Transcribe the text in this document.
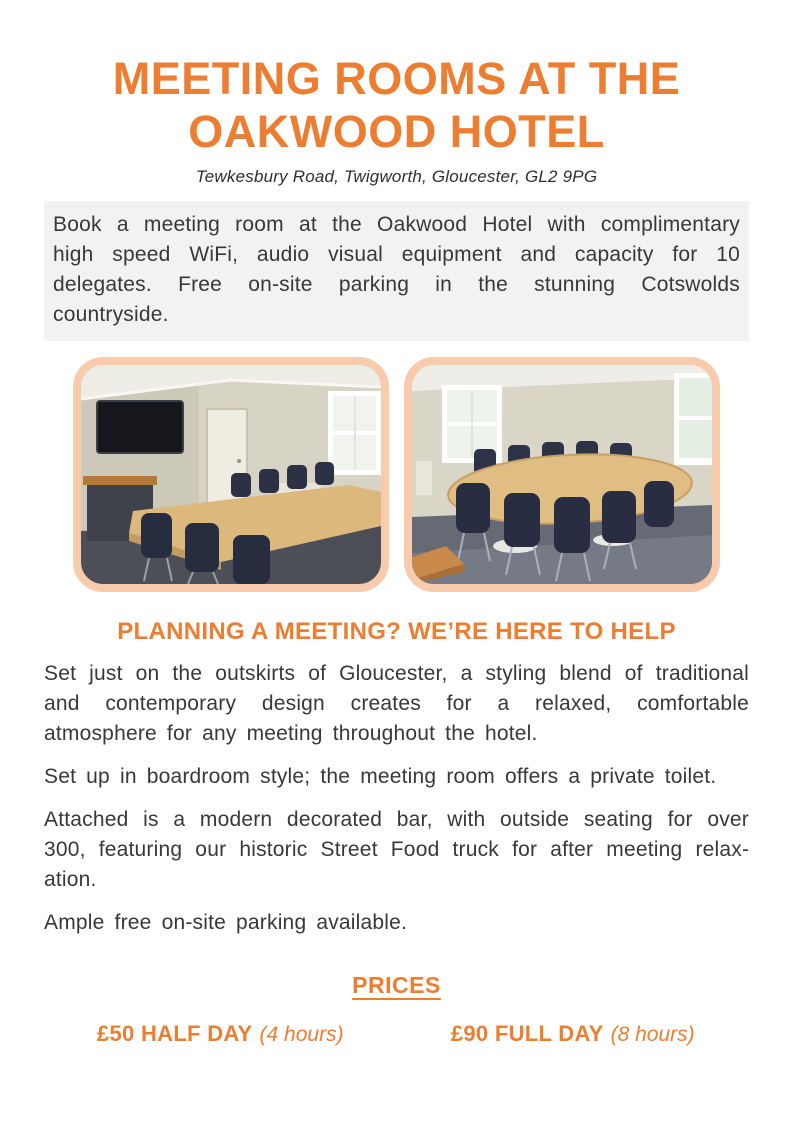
MEETING ROOMS AT THE
OAKWOOD HOTEL

Tewkesbury Road, Twigworth, Gloucester, GL2 9PG

Book a meeting room at the Oakwood Hotel with complimentary high speed WiFi, audio visual equipment and capacity for 10 delegates. Free on-site parking in the stunning Cotswolds countryside.
PLANNING A MEETING? WE’RE HERE TO HELP

Set just on the outskirts of Gloucester, a styling blend of traditional and contemporary design creates for a relaxed, comfortable atmosphere for any meeting throughout the hotel.

Set up in boardroom style; the meeting room offers a private toilet.

Attached is a modern decorated bar, with outside seating for over 300, featuring our historic Street Food truck for after meeting relaxation.

Ample free on-site parking available.

PRICES
£50 HALF DAY (4 hours)	£90 FULL DAY (8 hours)
